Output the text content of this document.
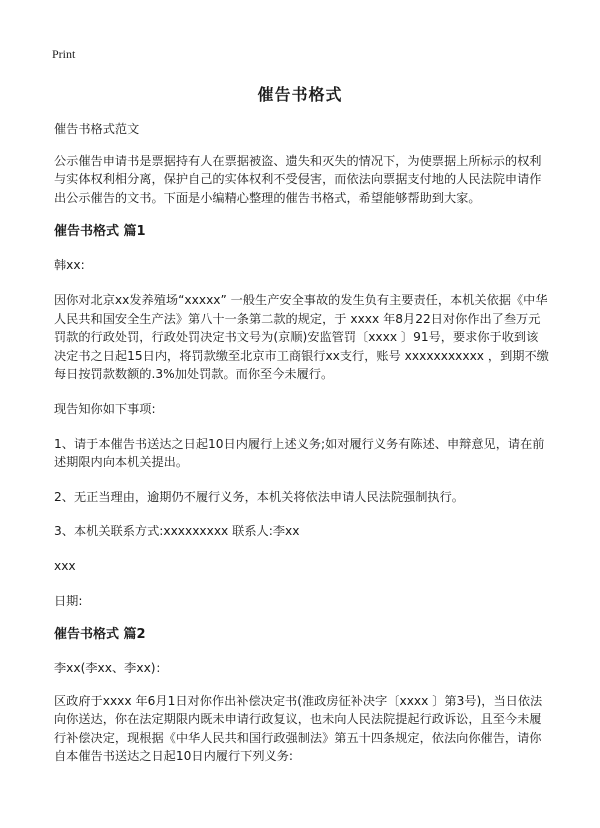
Print
催告书格式

催告书格式范文

公示催告申请书是票据持有人在票据被盗、遗失和灭失的情况下，为使票据上所标示的权利与实体权利相分离，保护自己的实体权利不受侵害，而依法向票据支付地的人民法院申请作出公示催告的文书。下面是小编精心整理的催告书格式，希望能够帮助到大家。

催告书格式 篇1

韩xx:

因你对北京xx发养殖场“xxxxx” 一般生产安全事故的发生负有主要责任，本机关依据《中华人民共和国安全生产法》第八十一条第二款的规定，于 xxxx 年8月22日对你作出了叁万元罚款的行政处罚，行政处罚决定书文号为(京顺)安监管罚〔xxxx 〕91号，要求你于收到该决定书之日起15日内，将罚款缴至北京市工商银行xx支行，账号 xxxxxxxxxxx ，到期不缴每日按罚款数额的.3%加处罚款。而你至今未履行。

现告知你如下事项:

1、请于本催告书送达之日起10日内履行上述义务;如对履行义务有陈述、申辩意见，请在前述期限内向本机关提出。

2、无正当理由，逾期仍不履行义务，本机关将依法申请人民法院强制执行。

3、本机关联系方式:xxxxxxxxx 联系人:李xx

xxx

日期:

催告书格式 篇2

李xx(李xx、李xx)：

区政府于xxxx 年6月1日对你作出补偿决定书(淮政房征补决字〔xxxx 〕第3号)，当日依法向你送达，你在法定期限内既未申请行政复议，也未向人民法院提起行政诉讼，且至今未履行补偿决定，现根据《中华人民共和国行政强制法》第五十四条规定，依法向你催告，请你自本催告书送达之日起10日内履行下列义务:
